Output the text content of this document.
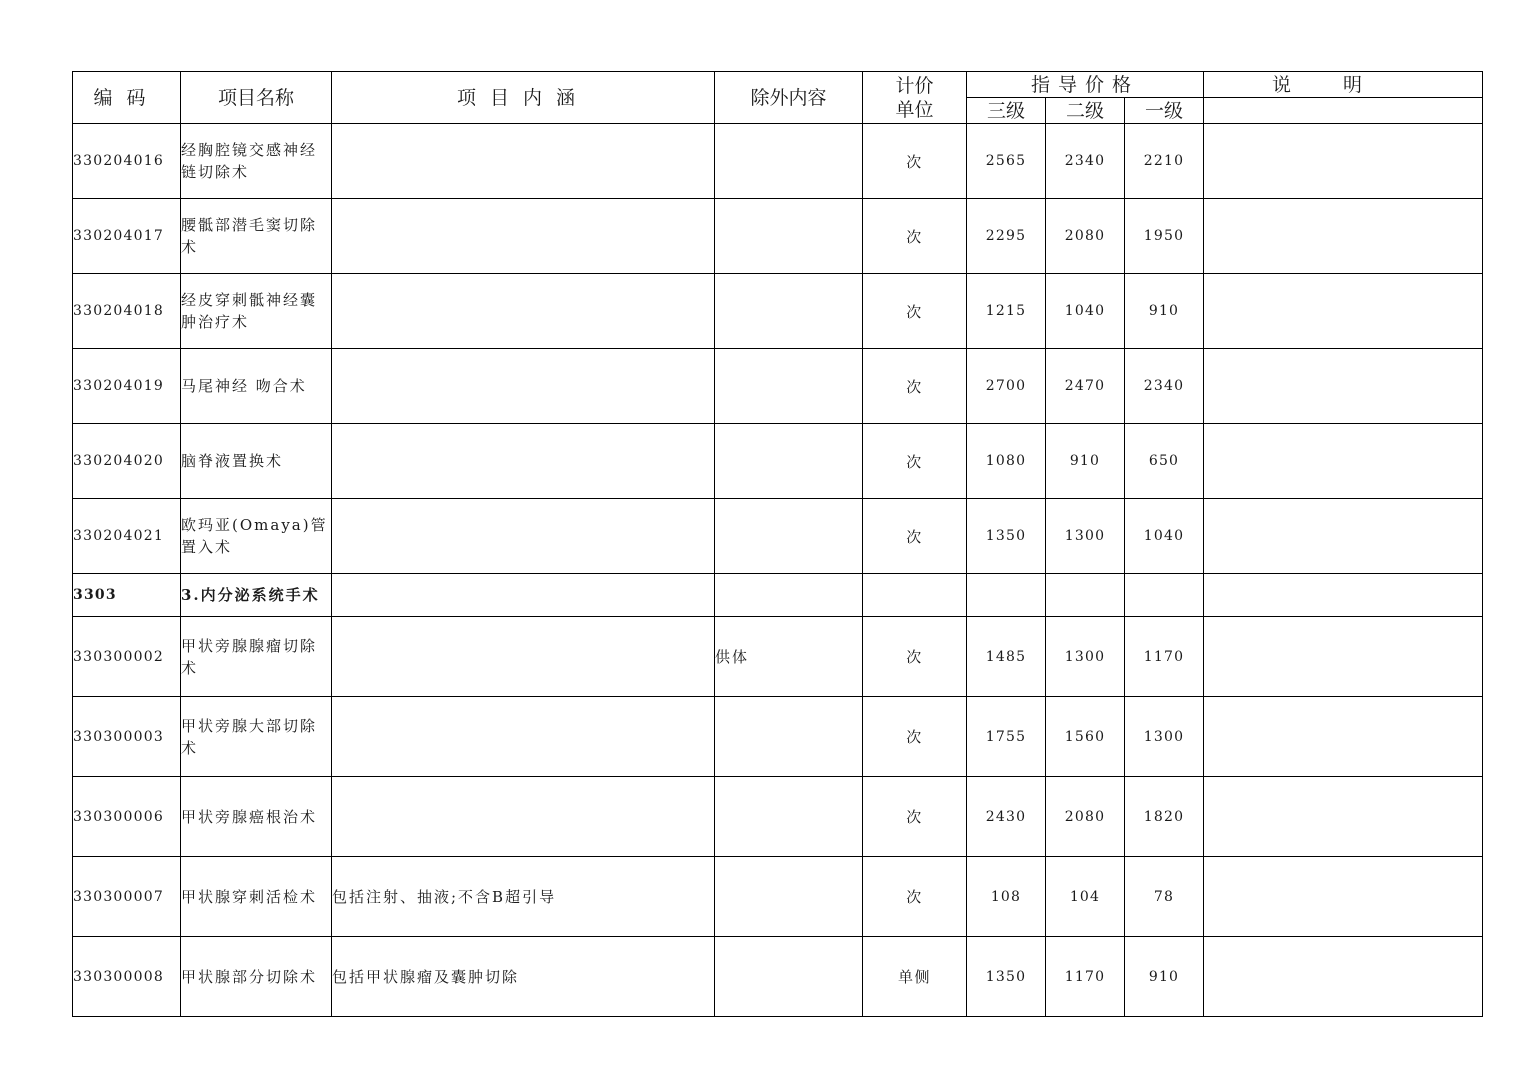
编码	项目名称	项目内涵	除外内容	计价单位	指导价格			说明
					三级	二级	一级	
330204016	经胸腔镜交感神经链切除术			次	2565	2340	2210	
330204017	腰骶部潜毛窦切除术			次	2295	2080	1950	
330204018	经皮穿刺骶神经囊肿治疗术			次	1215	1040	910	
330204019	马尾神经 吻合术			次	2700	2470	2340	
330204020	脑脊液置换术			次	1080	910	650	
330204021	欧玛亚(Omaya)管置入术			次	1350	1300	1040	
3303	3.内分泌系统手术							
330300002	甲状旁腺腺瘤切除术		供体	次	1485	1300	1170	
330300003	甲状旁腺大部切除术			次	1755	1560	1300	
330300006	甲状旁腺癌根治术			次	2430	2080	1820	
330300007	甲状腺穿刺活检术	包括注射、抽液;不含B超引导		次	108	104	78	
330300008	甲状腺部分切除术	包括甲状腺瘤及囊肿切除		单侧	1350	1170	910	
